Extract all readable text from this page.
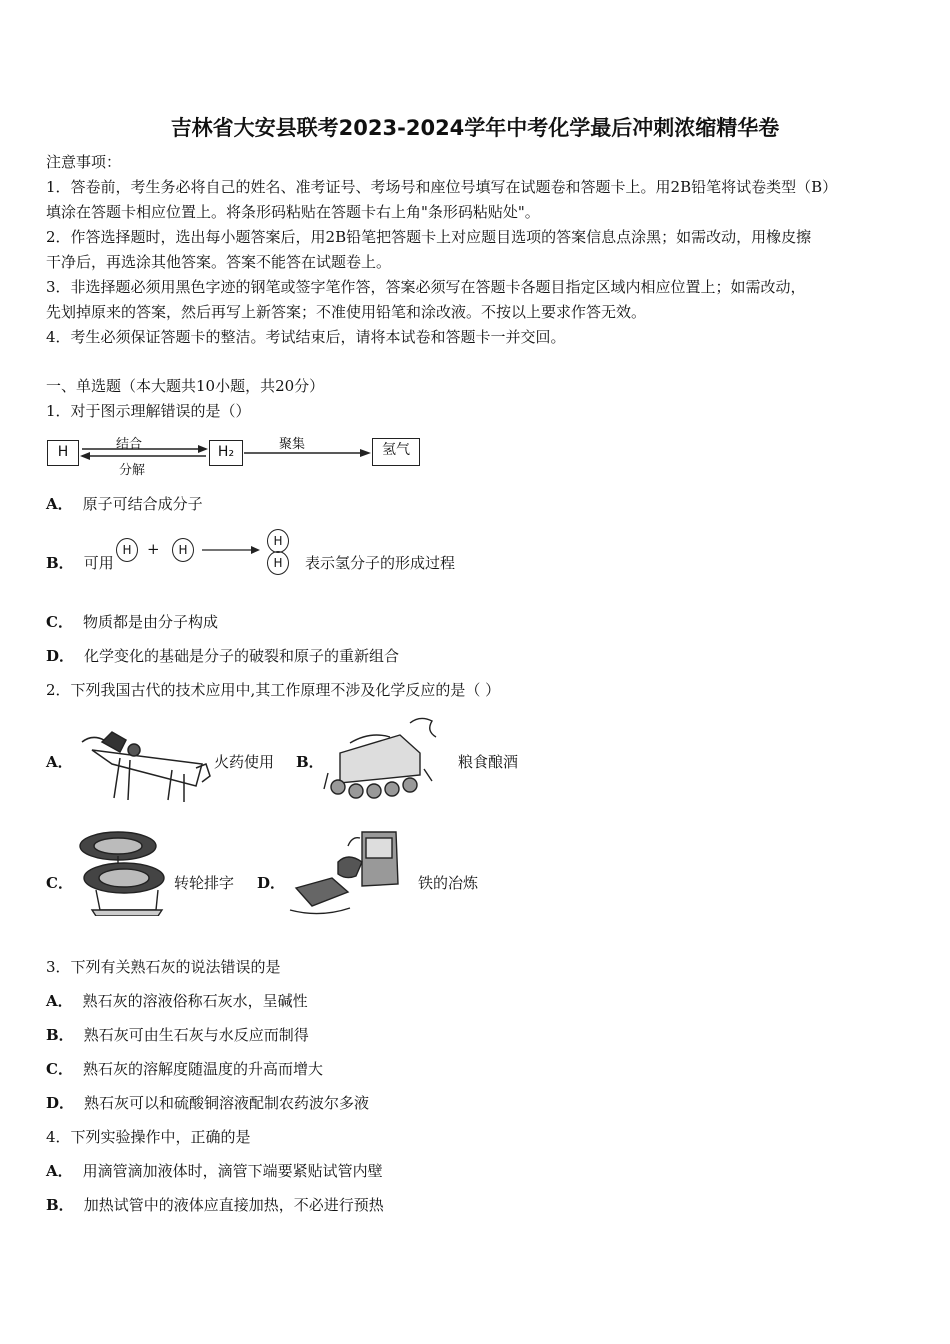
吉林省大安县联考2023-2024学年中考化学最后冲刺浓缩精华卷
注意事项：
1．答卷前，考生务必将自己的姓名、准考证号、考场号和座位号填写在试题卷和答题卡上。用2B铅笔将试卷类型（B）
填涂在答题卡相应位置上。将条形码粘贴在答题卡右上角"条形码粘贴处"。
2．作答选择题时，选出每小题答案后，用2B铅笔把答题卡上对应题目选项的答案信息点涂黑；如需改动，用橡皮擦
干净后，再选涂其他答案。答案不能答在试题卷上。
3．非选择题必须用黑色字迹的钢笔或签字笔作答，答案必须写在答题卡各题目指定区域内相应位置上；如需改动，
先划掉原来的答案，然后再写上新答案；不准使用铅笔和涂改液。不按以上要求作答无效。
4．考生必须保证答题卡的整洁。考试结束后，请将本试卷和答题卡一并交回。
一、单选题（本大题共10小题，共20分）
1．对于图示理解错误的是（）
H	H₂	氢气
结合
分解
聚集
A． 原子可结合成分子
B． 可用
H	+	H
H
H	表示氢分子的形成过程
C． 物质都是由分子构成
D． 化学变化的基础是分子的破裂和原子的重新组合
2．下列我国古代的技术应用中,其工作原理不涉及化学反应的是（ ）
A．	火药使用 B．	粮食酿酒
C．	转轮排字 D．	铁的冶炼
3．下列有关熟石灰的说法错误的是
A． 熟石灰的溶液俗称石灰水，呈碱性
B． 熟石灰可由生石灰与水反应而制得
C． 熟石灰的溶解度随温度的升高而增大
D． 熟石灰可以和硫酸铜溶液配制农药波尔多液
4．下列实验操作中，正确的是
A． 用滴管滴加液体时，滴管下端要紧贴试管内壁
B． 加热试管中的液体应直接加热，不必进行预热
